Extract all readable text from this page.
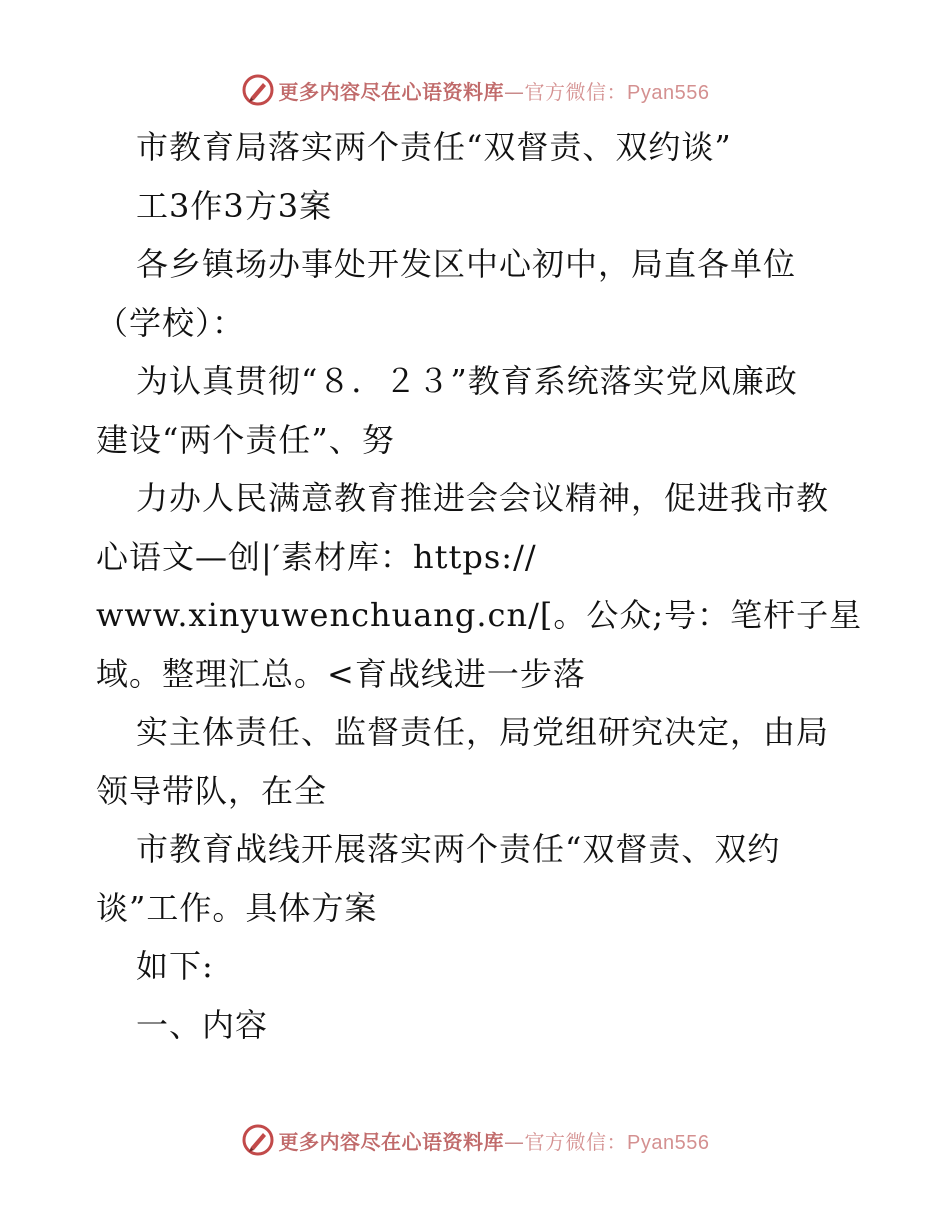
更多内容尽在心语资料库—官方微信：Pyan556
市教育局落实两个责任“双督责、双约谈”
工3作3方3案
各乡镇场办事处开发区中心初中，局直各单位
（学校）：
为认真贯彻“８．２３”教育系统落实党风廉政
建设“两个责任”、努
力办人民满意教育推进会会议精神，促进我市教
心语文—创|′素材库：https://
www.xinyuwenchuang.cn/[。公众;号：笔杆子星
域。整理汇总。<育战线进一步落
实主体责任、监督责任，局党组研究决定，由局
领导带队，在全
市教育战线开展落实两个责任“双督责、双约
谈”工作。具体方案
如下:
一、内容
更多内容尽在心语资料库—官方微信：Pyan556
